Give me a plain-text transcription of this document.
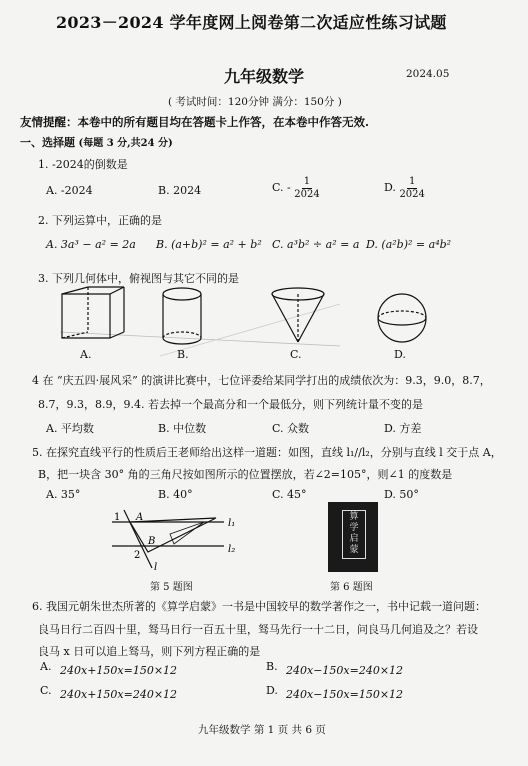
2023－2024 学年度网上阅卷第二次适应性练习试题
九年级数学	2024.05
( 考试时间：120分钟 满分：150分 )
友情提醒：本卷中的所有题目均在答题卡上作答，在本卷中作答无效.
一、选择题 (每题 3 分,共24 分)
1. -2024的倒数是
A. -2024	B. 2024	C. - $\frac{1}{2024}$	D. $\frac{1}{2024}$
2. 下列运算中，正确的是
A. 3a³ − a² = 2a B. (a+b)² = a² + b² C. a³b² ÷ a² = a D. (a²b)² = a⁴b²
3. 下列几何体中，俯视图与其它不同的是
A.	B.	C.	D.
4 在 “庆五四·展风采” 的演讲比赛中，七位评委给某同学打出的成绩依次为：9.3，9.0，8.7，
8.7，9.3，8.9，9.4. 若去掉一个最高分和一个最低分，则下列统计量不变的是
A. 平均数	B. 中位数	C. 众数	D. 方差
5. 在探究直线平行的性质后王老师给出这样一道题：如图，直线 l₁//l₂，分别与直线 l 交于点 A，
B，把一块含 30° 角的三角尺按如图所示的位置摆放，若∠2=105°，则∠1 的度数是
A. 35°	B. 40°	C. 45°	D. 50°
1 A
l₁
l₂
B
2
l
第 5 题图
算
学
启
蒙
第 6 题图
6. 我国元朝朱世杰所著的《算学启蒙》一书是中国较早的数学著作之一，书中记载一道问题：
良马日行二百四十里，驽马日行一百五十里，驽马先行一十二日，问良马几何追及之？若设
良马 x 日可以追上驽马，则下列方程正确的是
A. 240x+150x=150×12	B. 240x−150x=240×12
C. 240x+150x=240×12	D. 240x−150x=150×12
九年级数学 第 1 页 共 6 页
